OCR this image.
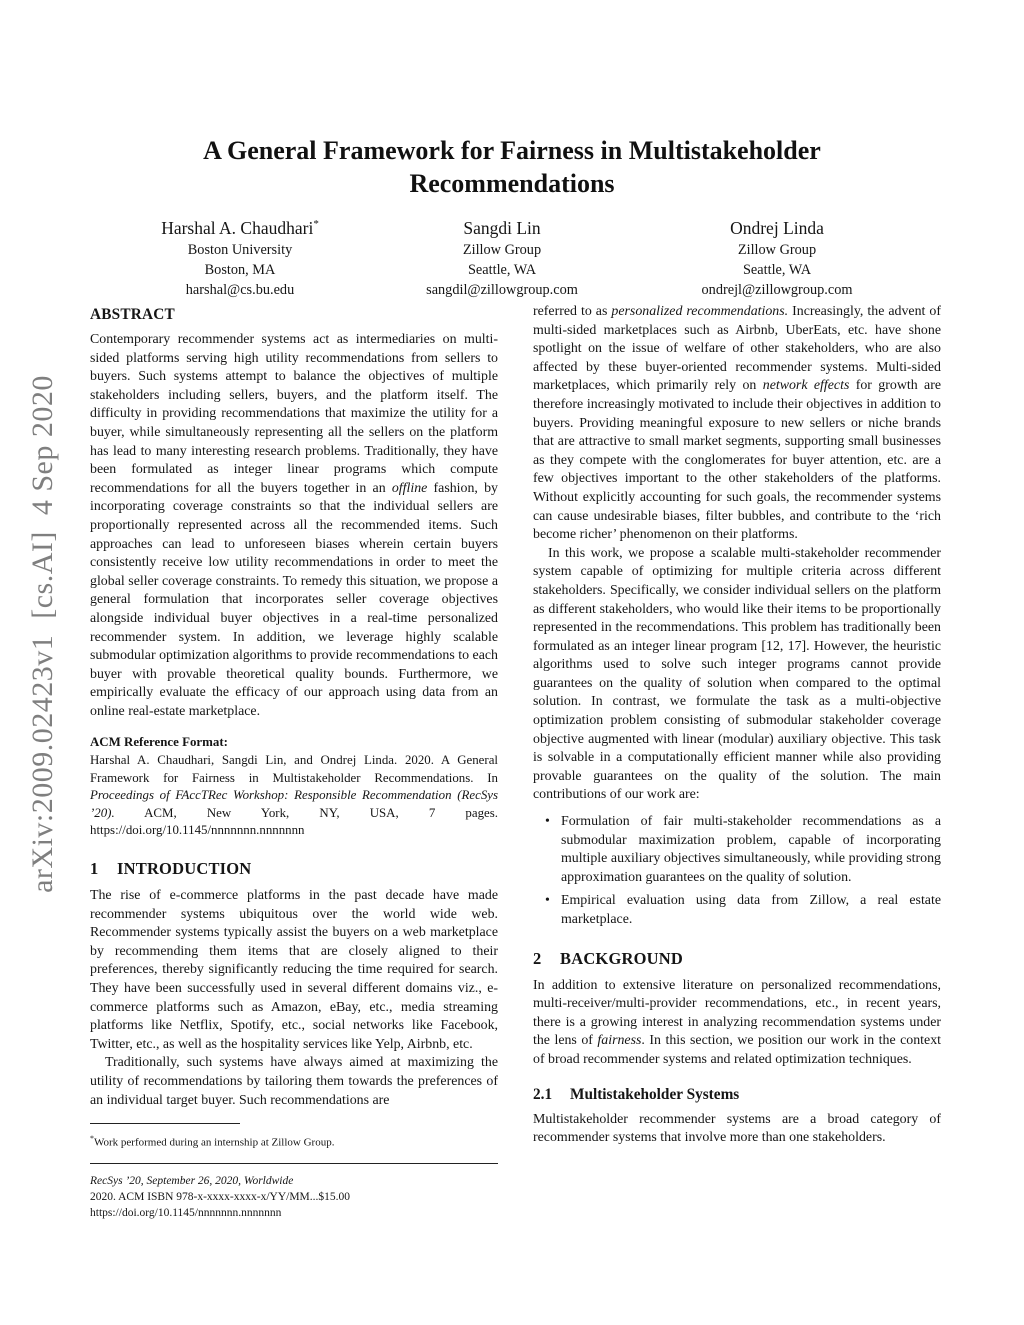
arXiv:2009.02423v1  [cs.AI]  4 Sep 2020

A General Framework for Fairness in Multistakeholder
Recommendations
Harshal A. Chaudhari*
Boston University
Boston, MA
harshal@cs.bu.edu
Sangdi Lin
Zillow Group
Seattle, WA
sangdil@zillowgroup.com
Ondrej Linda
Zillow Group
Seattle, WA
ondrejl@zillowgroup.com
ABSTRACT

Contemporary recommender systems act as intermediaries on multi-sided platforms serving high utility recommendations from sellers to buyers. Such systems attempt to balance the objectives of multiple stakeholders including sellers, buyers, and the platform itself. The difficulty in providing recommendations that maximize the utility for a buyer, while simultaneously representing all the sellers on the platform has lead to many interesting research problems. Traditionally, they have been formulated as integer linear programs which compute recommendations for all the buyers together in an offline fashion, by incorporating coverage constraints so that the individual sellers are proportionally represented across all the recommended items. Such approaches can lead to unforeseen biases wherein certain buyers consistently receive low utility recommendations in order to meet the global seller coverage constraints. To remedy this situation, we propose a general formulation that incorporates seller coverage objectives alongside individual buyer objectives in a real-time personalized recommender system. In addition, we leverage highly scalable submodular optimization algorithms to provide recommendations to each buyer with provable theoretical quality bounds. Furthermore, we empirically evaluate the efficacy of our approach using data from an online real-estate marketplace.

ACM Reference Format:

Harshal A. Chaudhari, Sangdi Lin, and Ondrej Linda. 2020. A General Framework for Fairness in Multistakeholder Recommendations. In Proceedings of FAccTRec Workshop: Responsible Recommendation (RecSys ’20). ACM, New York, NY, USA, 7 pages. https://doi.org/10.1145/nnnnnnn.nnnnnnn

1 INTRODUCTION

The rise of e-commerce platforms in the past decade have made recommender systems ubiquitous over the world wide web. Recommender systems typically assist the buyers on a web marketplace by recommending them items that are closely aligned to their preferences, thereby significantly reducing the time required for search. They have been successfully used in several different domains viz., e-commerce platforms such as Amazon, eBay, etc., media streaming platforms like Netflix, Spotify, etc., social networks like Facebook, Twitter, etc., as well as the hospitality services like Yelp, Airbnb, etc.

Traditionally, such systems have always aimed at maximizing the utility of recommendations by tailoring them towards the preferences of an individual target buyer. Such recommendations are

*Work performed during an internship at Zillow Group.

RecSys ’20, September 26, 2020, Worldwide

2020. ACM ISBN 978-x-xxxx-xxxx-x/YY/MM...$15.00

https://doi.org/10.1145/nnnnnnn.nnnnnnn

referred to as personalized recommendations. Increasingly, the advent of multi-sided marketplaces such as Airbnb, UberEats, etc. have shone spotlight on the issue of welfare of other stakeholders, who are also affected by these buyer-oriented recommender systems. Multi-sided marketplaces, which primarily rely on network effects for growth are therefore increasingly motivated to include their objectives in addition to buyers. Providing meaningful exposure to new sellers or niche brands that are attractive to small market segments, supporting small businesses as they compete with the conglomerates for buyer attention, etc. are a few objectives important to the other stakeholders of the platforms. Without explicitly accounting for such goals, the recommender systems can cause undesirable biases, filter bubbles, and contribute to the ‘rich become richer’ phenomenon on their platforms.

In this work, we propose a scalable multi-stakeholder recommender system capable of optimizing for multiple criteria across different stakeholders. Specifically, we consider individual sellers on the platform as different stakeholders, who would like their items to be proportionally represented in the recommendations. This problem has traditionally been formulated as an integer linear program [12, 17]. However, the heuristic algorithms used to solve such integer programs cannot provide guarantees on the quality of solution when compared to the optimal solution. In contrast, we formulate the task as a multi-objective optimization problem consisting of submodular stakeholder coverage objective augmented with linear (modular) auxiliary objective. This task is solvable in a computationally efficient manner while also providing provable guarantees on the quality of the solution. The main contributions of our work are:

• Formulation of fair multi-stakeholder recommendations as a submodular maximization problem, capable of incorporating multiple auxiliary objectives simultaneously, while providing strong approximation guarantees on the quality of solution.

• Empirical evaluation using data from Zillow, a real estate marketplace.

2 BACKGROUND

In addition to extensive literature on personalized recommendations, multi-receiver/multi-provider recommendations, etc., in recent years, there is a growing interest in analyzing recommendation systems under the lens of fairness. In this section, we position our work in the context of broad recommender systems and related optimization techniques.

2.1 Multistakeholder Systems

Multistakeholder recommender systems are a broad category of recommender systems that involve more than one stakeholders.
